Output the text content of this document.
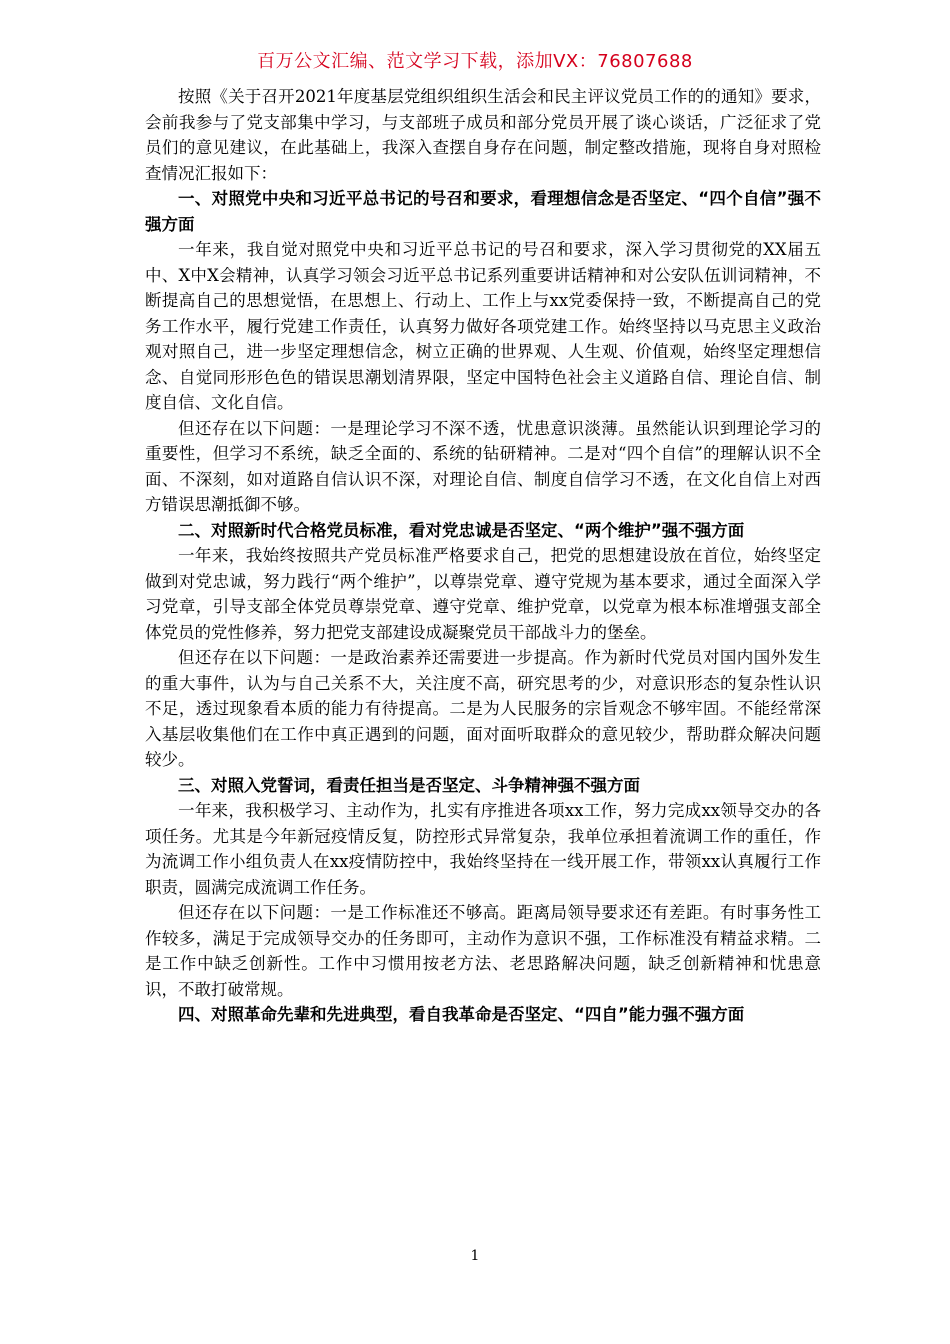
百万公文汇编、范文学习下载，添加VX：76807688

按照《关于召开2021年度基层党组织组织生活会和民主评议党员工作的的通知》要求，会前我参与了党支部集中学习，与支部班子成员和部分党员开展了谈心谈话，广泛征求了党员们的意见建议，在此基础上，我深入查摆自身存在问题，制定整改措施，现将自身对照检查情况汇报如下：

一、对照党中央和习近平总书记的号召和要求，看理想信念是否坚定、“四个自信”强不强方面

一年来，我自觉对照党中央和习近平总书记的号召和要求，深入学习贯彻党的XX届五中、X中X会精神，认真学习领会习近平总书记系列重要讲话精神和对公安队伍训词精神，不断提高自己的思想觉悟，在思想上、行动上、工作上与xx党委保持一致，不断提高自己的党务工作水平，履行党建工作责任，认真努力做好各项党建工作。始终坚持以马克思主义政治观对照自己，进一步坚定理想信念，树立正确的世界观、人生观、价值观，始终坚定理想信念、自觉同形形色色的错误思潮划清界限，坚定中国特色社会主义道路自信、理论自信、制度自信、文化自信。

但还存在以下问题：一是理论学习不深不透，忧患意识淡薄。虽然能认识到理论学习的重要性，但学习不系统，缺乏全面的、系统的钻研精神。二是对“四个自信”的理解认识不全面、不深刻，如对道路自信认识不深，对理论自信、制度自信学习不透，在文化自信上对西方错误思潮抵御不够。

二、对照新时代合格党员标准，看对党忠诚是否坚定、“两个维护”强不强方面

一年来，我始终按照共产党员标准严格要求自己，把党的思想建设放在首位，始终坚定做到对党忠诚，努力践行“两个维护”，以尊崇党章、遵守党规为基本要求，通过全面深入学习党章，引导支部全体党员尊崇党章、遵守党章、维护党章，以党章为根本标准增强支部全体党员的党性修养，努力把党支部建设成凝聚党员干部战斗力的堡垒。

但还存在以下问题：一是政治素养还需要进一步提高。作为新时代党员对国内国外发生的重大事件，认为与自己关系不大，关注度不高，研究思考的少，对意识形态的复杂性认识不足，透过现象看本质的能力有待提高。二是为人民服务的宗旨观念不够牢固。不能经常深入基层收集他们在工作中真正遇到的问题，面对面听取群众的意见较少，帮助群众解决问题较少。

三、对照入党誓词，看责任担当是否坚定、斗争精神强不强方面

一年来，我积极学习、主动作为，扎实有序推进各项xx工作，努力完成xx领导交办的各项任务。尤其是今年新冠疫情反复，防控形式异常复杂，我单位承担着流调工作的重任，作为流调工作小组负责人在xx疫情防控中，我始终坚持在一线开展工作，带领xx认真履行工作职责，圆满完成流调工作任务。

但还存在以下问题：一是工作标准还不够高。距离局领导要求还有差距。有时事务性工作较多，满足于完成领导交办的任务即可，主动作为意识不强，工作标准没有精益求精。二是工作中缺乏创新性。工作中习惯用按老方法、老思路解决问题，缺乏创新精神和忧患意识，不敢打破常规。

四、对照革命先辈和先进典型，看自我革命是否坚定、“四自”能力强不强方面

1
